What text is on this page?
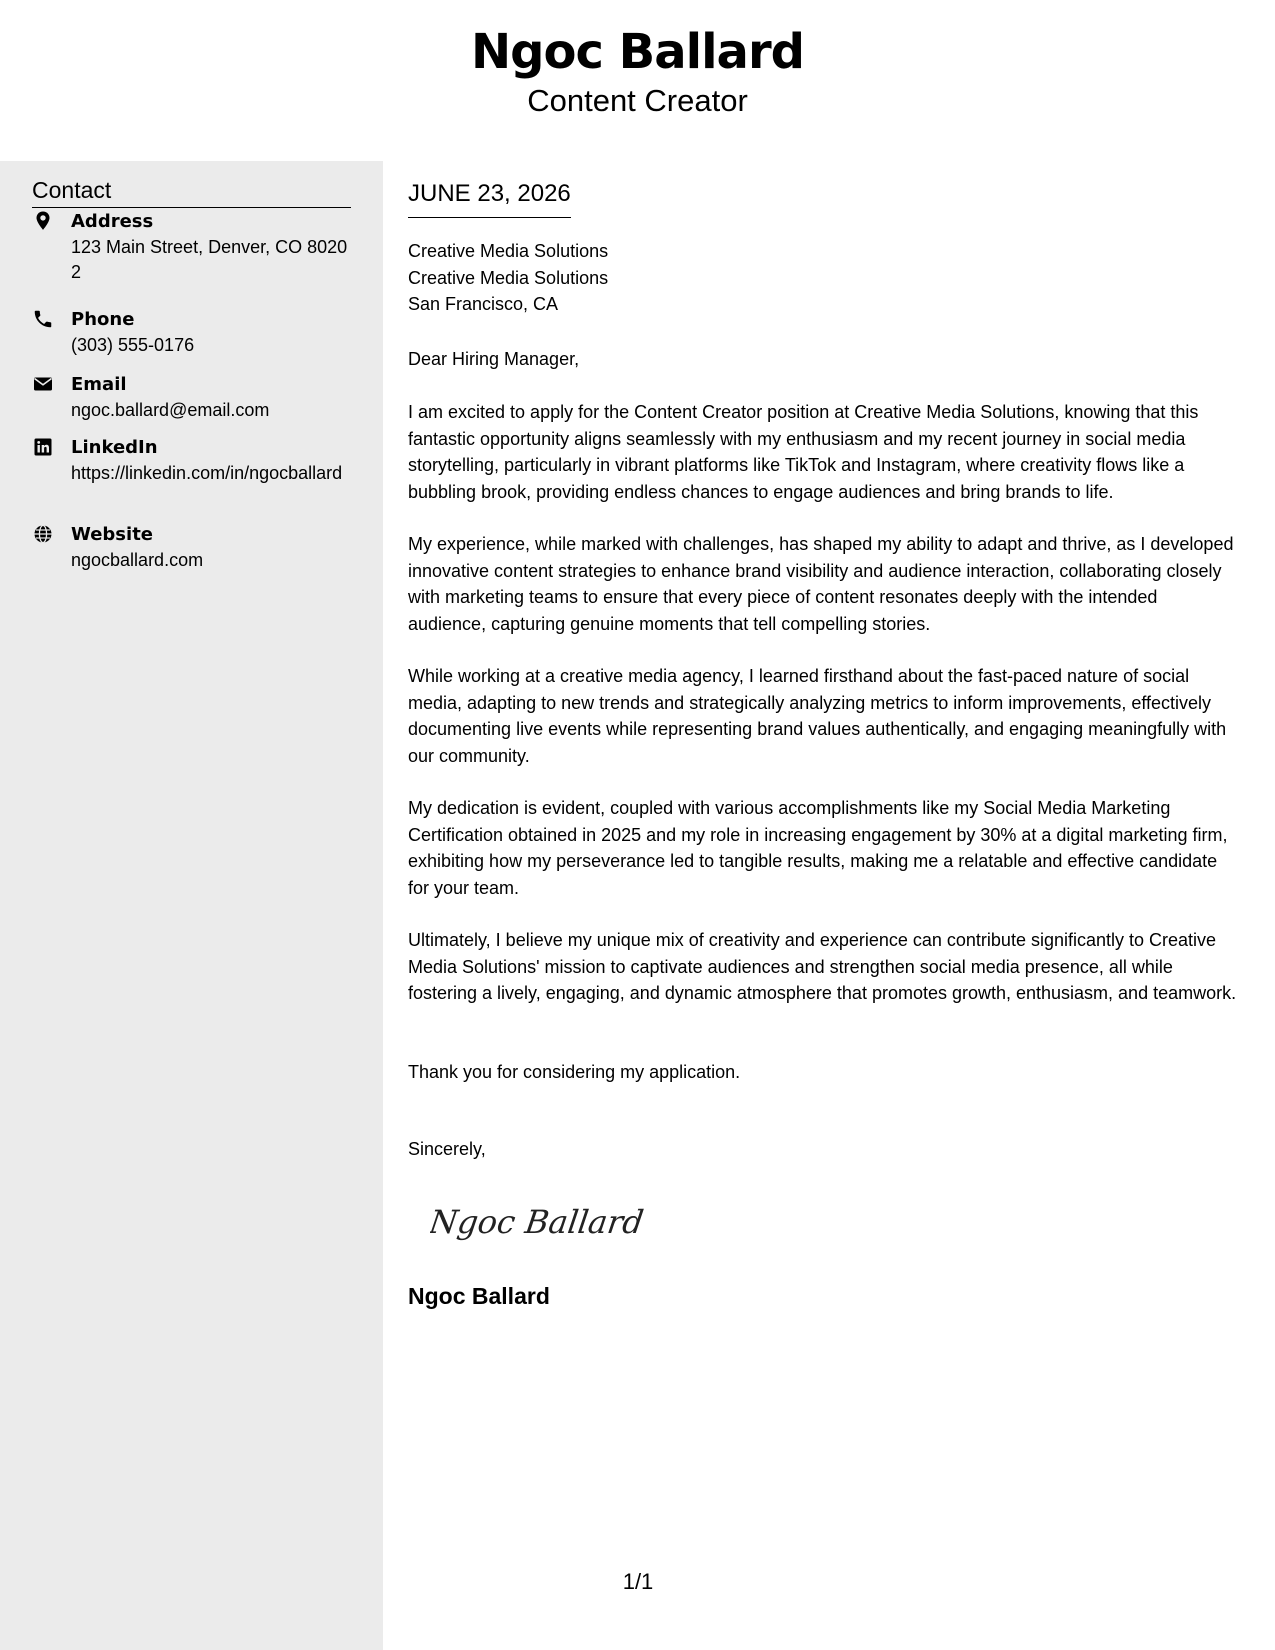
Ngoc Ballard
Content Creator
Contact
Address
123 Main Street, Denver, CO 80202
Phone
(303) 555-0176
Email
ngoc.ballard@email.com
LinkedIn
https://linkedin.com/in/ngocballard
Website
ngocballard.com
JUNE 23, 2026
Creative Media Solutions
Creative Media Solutions
San Francisco, CA
Dear Hiring Manager,
I am excited to apply for the Content Creator position at Creative Media Solutions, knowing that this fantastic opportunity aligns seamlessly with my enthusiasm and my recent journey in social media storytelling, particularly in vibrant platforms like TikTok and Instagram, where creativity flows like a bubbling brook, providing endless chances to engage audiences and bring brands to life.
My experience, while marked with challenges, has shaped my ability to adapt and thrive, as I developed innovative content strategies to enhance brand visibility and audience interaction, collaborating closely with marketing teams to ensure that every piece of content resonates deeply with the intended audience, capturing genuine moments that tell compelling stories.
While working at a creative media agency, I learned firsthand about the fast-paced nature of social media, adapting to new trends and strategically analyzing metrics to inform improvements, effectively documenting live events while representing brand values authentically, and engaging meaningfully with our community.
My dedication is evident, coupled with various accomplishments like my Social Media Marketing Certification obtained in 2025 and my role in increasing engagement by 30% at a digital marketing firm, exhibiting how my perseverance led to tangible results, making me a relatable and effective candidate for your team.
Ultimately, I believe my unique mix of creativity and experience can contribute significantly to Creative Media Solutions' mission to captivate audiences and strengthen social media presence, all while fostering a lively, engaging, and dynamic atmosphere that promotes growth, enthusiasm, and teamwork.
Thank you for considering my application.
Sincerely,
Ngoc Ballard
Ngoc Ballard
1/1
